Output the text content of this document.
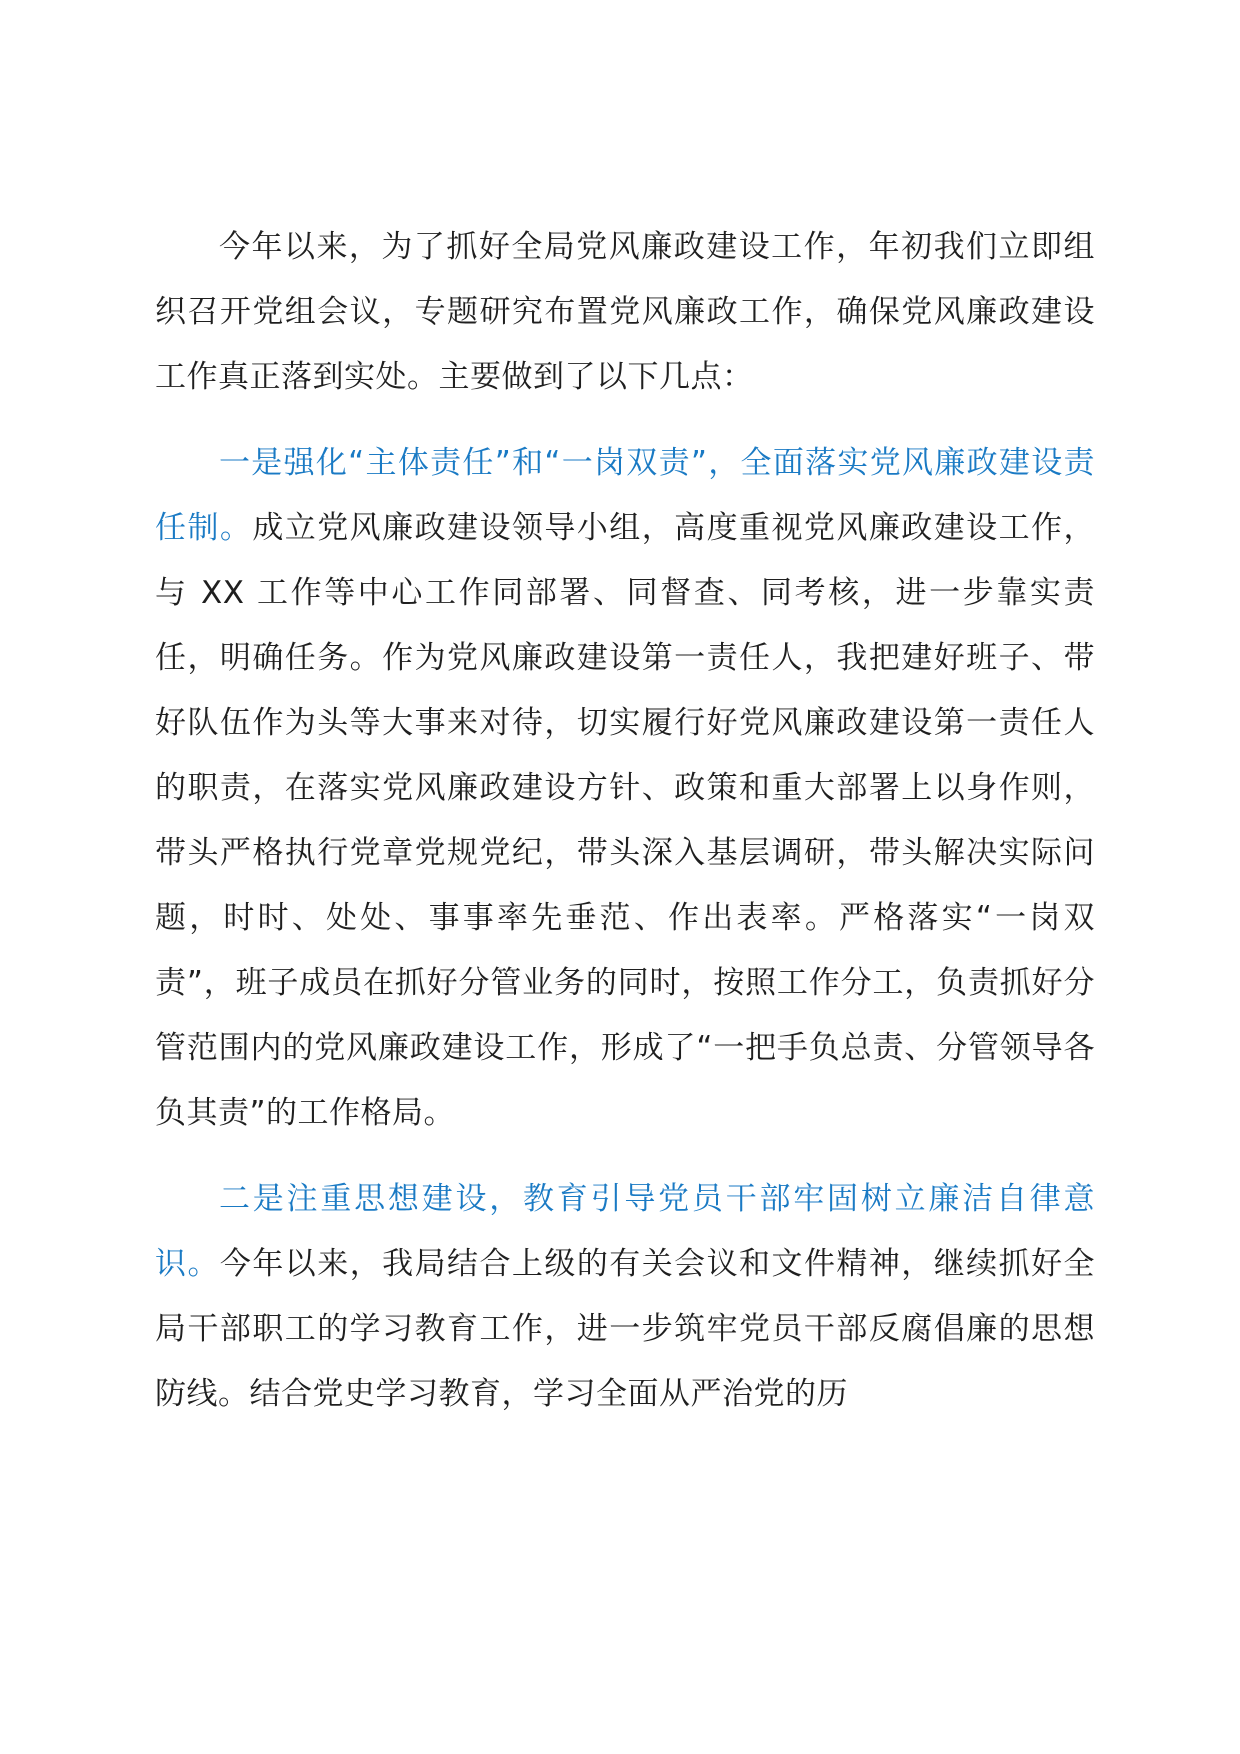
今年以来，为了抓好全局党风廉政建设工作，年初我们立即组织召开党组会议，专题研究布置党风廉政工作，确保党风廉政建设工作真正落到实处。主要做到了以下几点：

一是强化“主体责任”和“一岗双责”，全面落实党风廉政建设责任制。成立党风廉政建设领导小组，高度重视党风廉政建设工作，与 XX 工作等中心工作同部署、同督查、同考核，进一步靠实责任，明确任务。作为党风廉政建设第一责任人，我把建好班子、带好队伍作为头等大事来对待，切实履行好党风廉政建设第一责任人的职责，在落实党风廉政建设方针、政策和重大部署上以身作则，带头严格执行党章党规党纪，带头深入基层调研，带头解决实际问题，时时、处处、事事率先垂范、作出表率。严格落实“一岗双责”，班子成员在抓好分管业务的同时，按照工作分工，负责抓好分管范围内的党风廉政建设工作，形成了“一把手负总责、分管领导各负其责”的工作格局。

二是注重思想建设，教育引导党员干部牢固树立廉洁自律意识。今年以来，我局结合上级的有关会议和文件精神，继续抓好全局干部职工的学习教育工作，进一步筑牢党员干部反腐倡廉的思想防线。结合党史学习教育，学习全面从严治党的历
